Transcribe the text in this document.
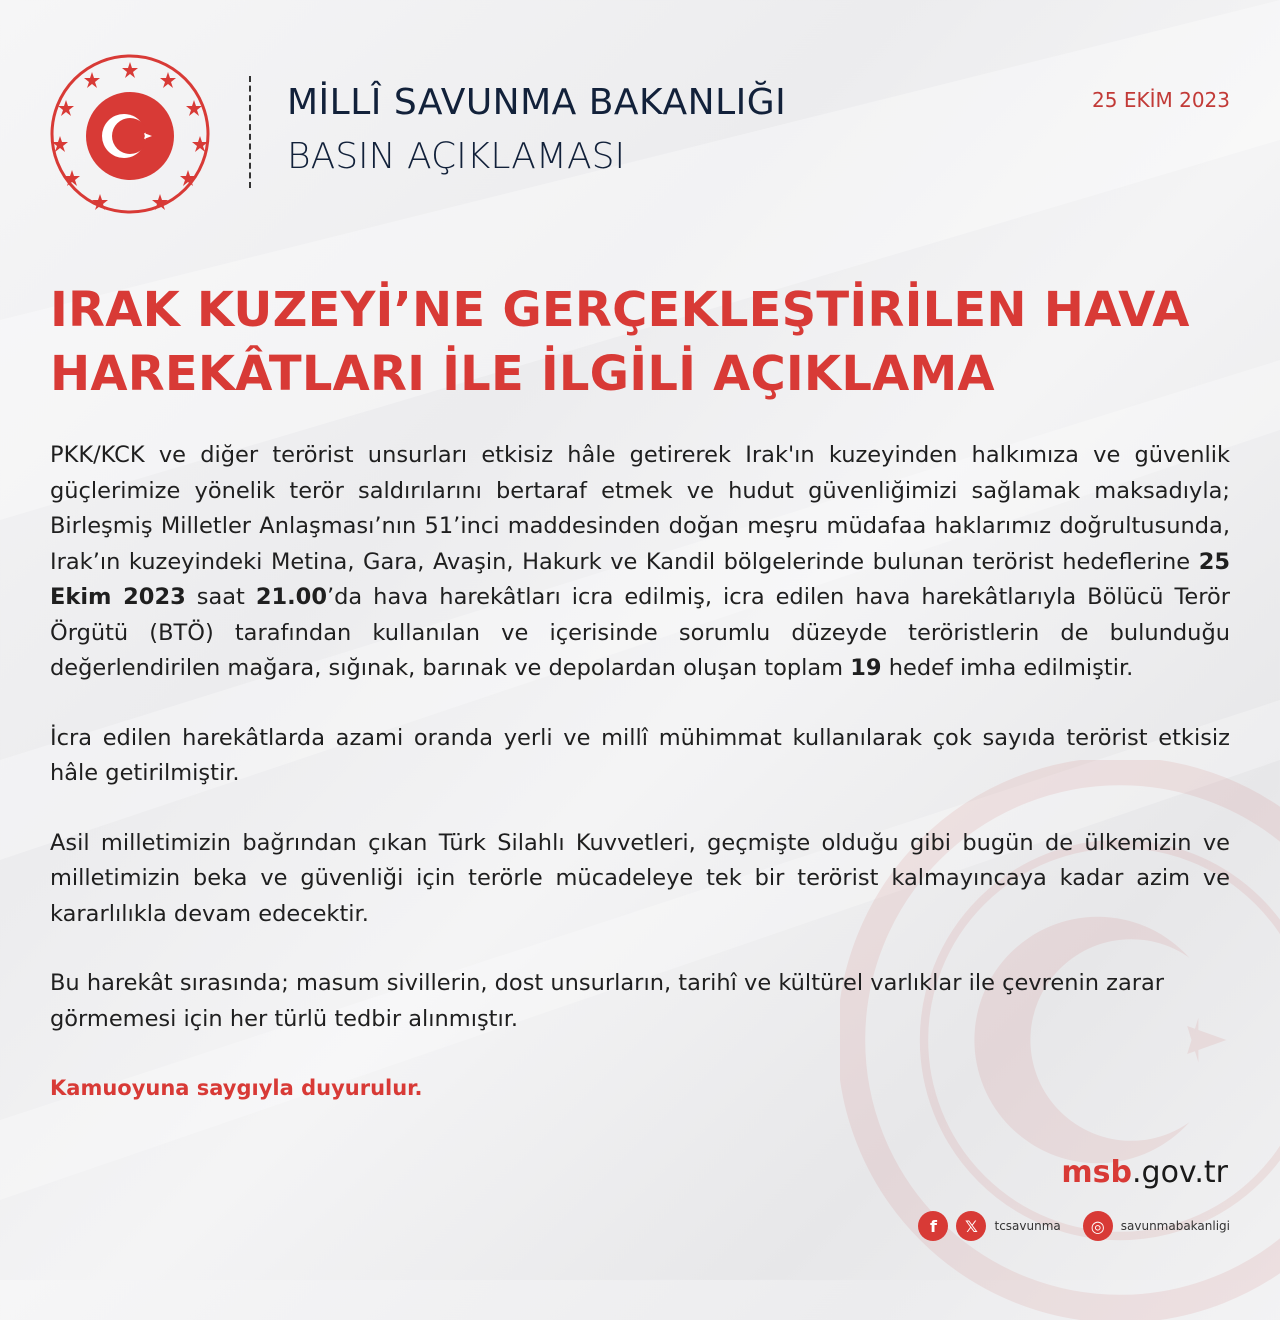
MİLLÎ SAVUNMA BAKANLIĞI
BASIN AÇIKLAMASI
25 EKİM 2023
IRAK KUZEYİ’NE GERÇEKLEŞTİRİLEN HAVA
HAREKÂTLARI İLE İLGİLİ AÇIKLAMA

PKK/KCK ve diğer terörist unsurları etkisiz hâle getirerek Irak'ın kuzeyinden halkımıza ve güvenlik güçlerimize yönelik terör saldırılarını bertaraf etmek ve hudut güvenliğimizi sağlamak maksadıyla; Birleşmiş Milletler Anlaşması’nın 51’inci maddesinden doğan meşru müdafaa haklarımız doğrultusunda, Irak’ın kuzeyindeki Metina, Gara, Avaşin, Hakurk ve Kandil bölgelerinde bulunan terörist hedeflerine 25 Ekim 2023 saat 21.00’da hava harekâtları icra edilmiş, icra edilen hava harekâtlarıyla Bölücü Terör Örgütü (BTÖ) tarafından kullanılan ve içerisinde sorumlu düzeyde teröristlerin de bulunduğu değerlendirilen mağara, sığınak, barınak ve depolardan oluşan toplam 19 hedef imha edilmiştir.

İcra edilen harekâtlarda azami oranda yerli ve millî mühimmat kullanılarak çok sayıda terörist etkisiz hâle getirilmiştir.

Asil milletimizin bağrından çıkan Türk Silahlı Kuvvetleri, geçmişte olduğu gibi bugün de ülkemizin ve milletimizin beka ve güvenliği için terörle mücadeleye tek bir terörist kalmayıncaya kadar azim ve kararlılıkla devam edecektir.

Bu harekât sırasında; masum sivillerin, dost unsurların, tarihî ve kültürel varlıklar ile çevrenin zarar görmemesi için her türlü tedbir alınmıştır.

Kamuoyuna saygıyla duyurulur.
msb.gov.tr
f	𝕏	tcsavunma	◎	savunmabakanligi
